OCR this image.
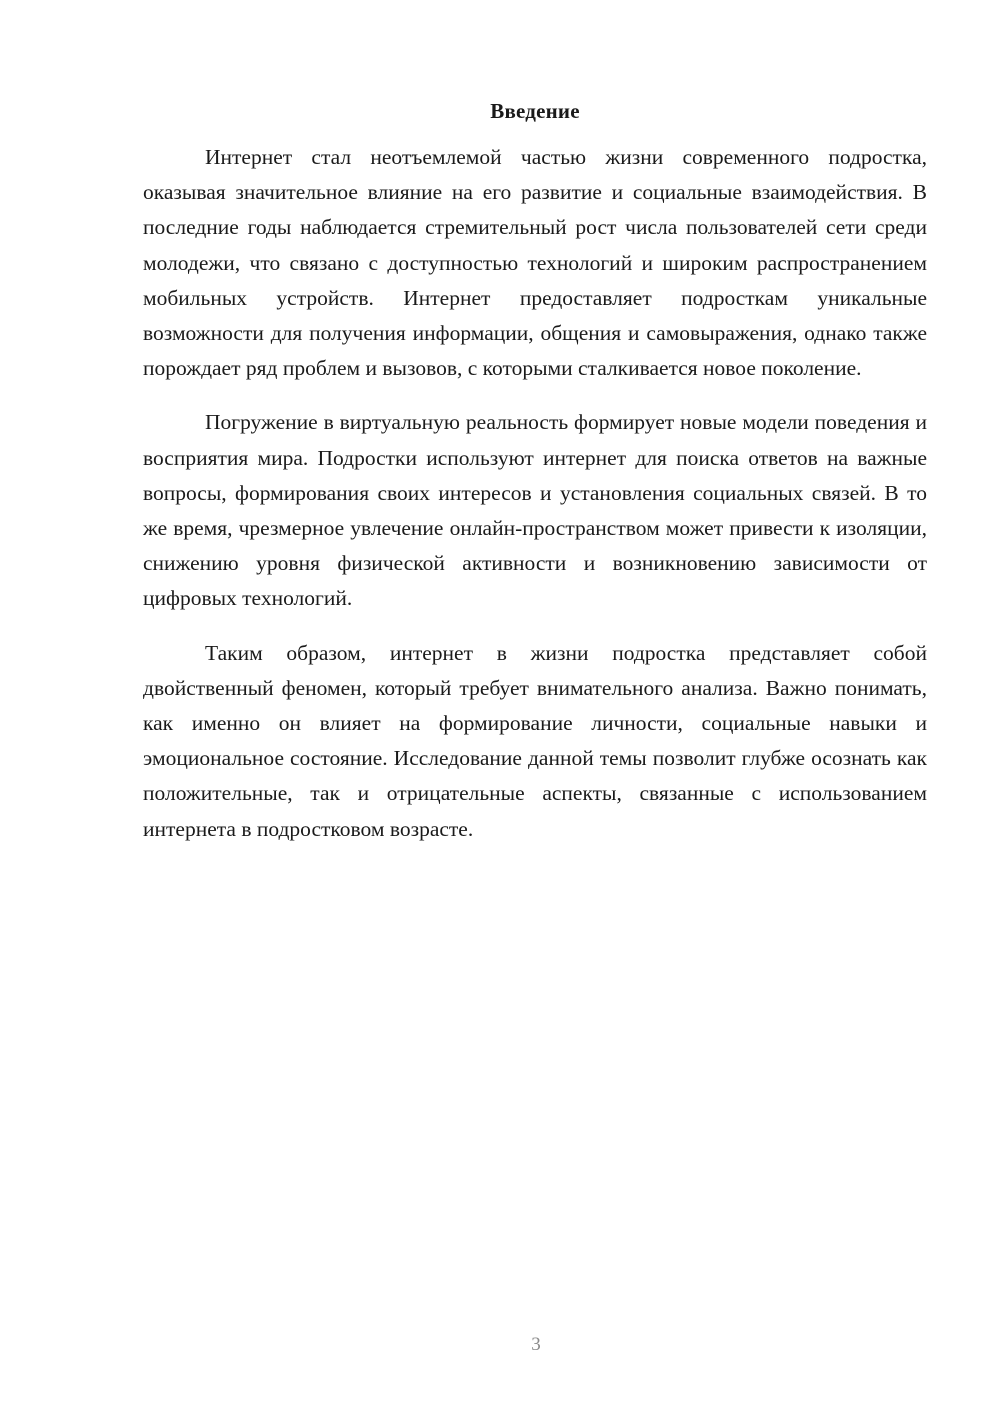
Введение

Интернет стал неотъемлемой частью жизни современного подростка, оказывая значительное влияние на его развитие и социальные взаимодействия. В последние годы наблюдается стремительный рост числа пользователей сети среди молодежи, что связано с доступностью технологий и широким распространением мобильных устройств. Интернет предоставляет подросткам уникальные возможности для получения информации, общения и самовыражения, однако также порождает ряд проблем и вызовов, с которыми сталкивается новое поколение.

Погружение в виртуальную реальность формирует новые модели поведения и восприятия мира. Подростки используют интернет для поиска ответов на важные вопросы, формирования своих интересов и установления социальных связей. В то же время, чрезмерное увлечение онлайн-пространством может привести к изоляции, снижению уровня физической активности и возникновению зависимости от цифровых технологий.

Таким образом, интернет в жизни подростка представляет собой двойственный феномен, который требует внимательного анализа. Важно понимать, как именно он влияет на формирование личности, социальные навыки и эмоциональное состояние. Исследование данной темы позволит глубже осознать как положительные, так и отрицательные аспекты, связанные с использованием интернета в подростковом возрасте.

3
